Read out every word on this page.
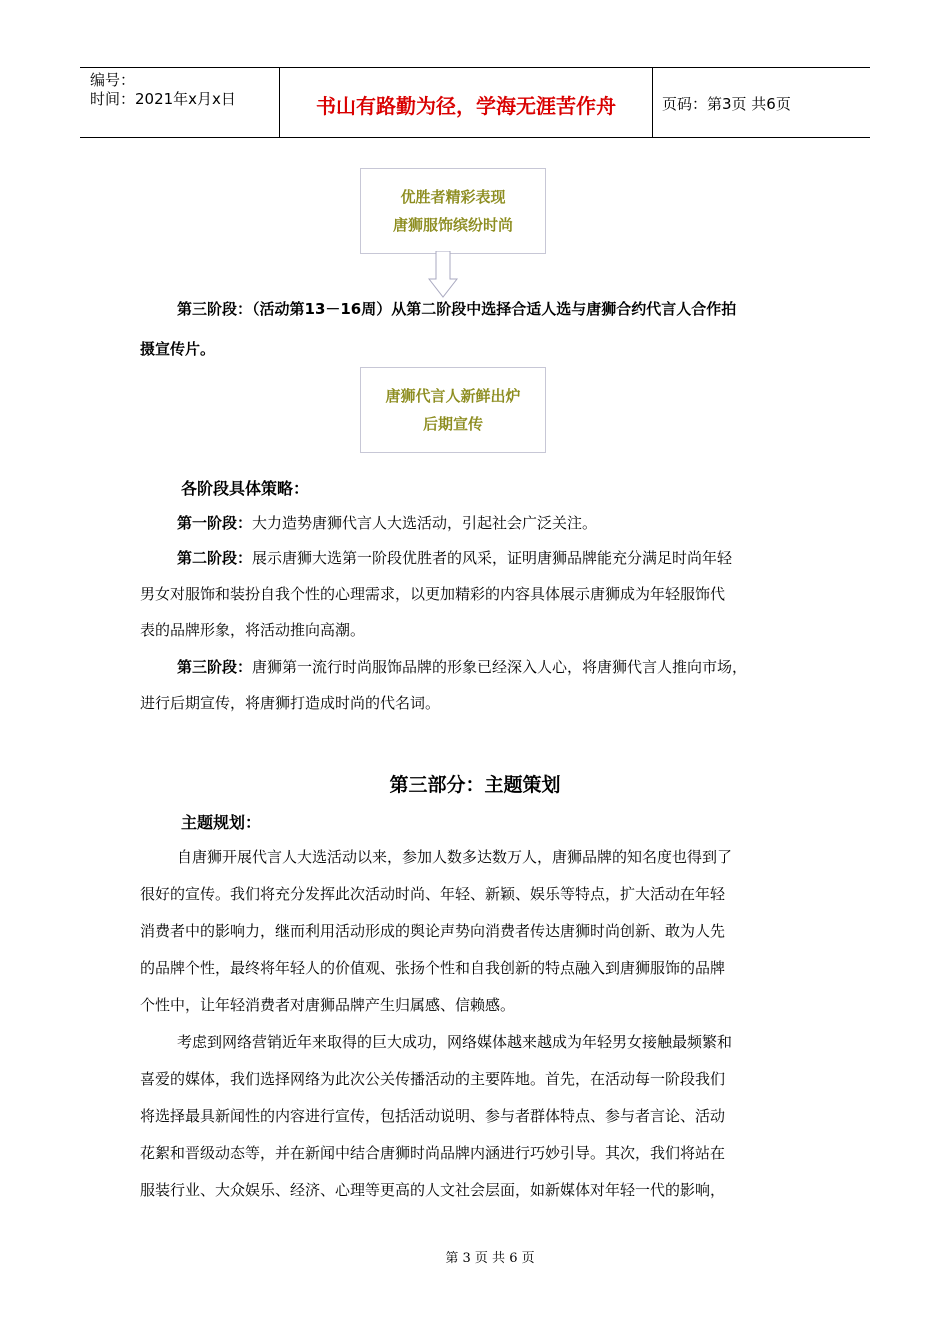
编号：
时间：2021年x月x日	书山有路勤为径，学海无涯苦作舟	页码：第3页 共6页
优胜者精彩表现
唐狮服饰缤纷时尚
第三阶段：（活动第13－16周）从第二阶段中选择合适人选与唐狮合约代言人合作拍
摄宣传片。
唐狮代言人新鲜出炉
后期宣传
各阶段具体策略：
第一阶段：大力造势唐狮代言人大选活动，引起社会广泛关注。
第二阶段：展示唐狮大选第一阶段优胜者的风采，证明唐狮品牌能充分满足时尚年轻
男女对服饰和装扮自我个性的心理需求，以更加精彩的内容具体展示唐狮成为年轻服饰代
表的品牌形象，将活动推向高潮。
第三阶段：唐狮第一流行时尚服饰品牌的形象已经深入人心，将唐狮代言人推向市场，
进行后期宣传，将唐狮打造成时尚的代名词。
第三部分：主题策划
主题规划：
自唐狮开展代言人大选活动以来，参加人数多达数万人，唐狮品牌的知名度也得到了
很好的宣传。我们将充分发挥此次活动时尚、年轻、新颖、娱乐等特点，扩大活动在年轻
消费者中的影响力，继而利用活动形成的舆论声势向消费者传达唐狮时尚创新、敢为人先
的品牌个性，最终将年轻人的价值观、张扬个性和自我创新的特点融入到唐狮服饰的品牌
个性中，让年轻消费者对唐狮品牌产生归属感、信赖感。
考虑到网络营销近年来取得的巨大成功，网络媒体越来越成为年轻男女接触最频繁和
喜爱的媒体，我们选择网络为此次公关传播活动的主要阵地。首先，在活动每一阶段我们
将选择最具新闻性的内容进行宣传，包括活动说明、参与者群体特点、参与者言论、活动
花絮和晋级动态等，并在新闻中结合唐狮时尚品牌内涵进行巧妙引导。其次，我们将站在
服装行业、大众娱乐、经济、心理等更高的人文社会层面，如新媒体对年轻一代的影响，
第 3 页 共 6 页
